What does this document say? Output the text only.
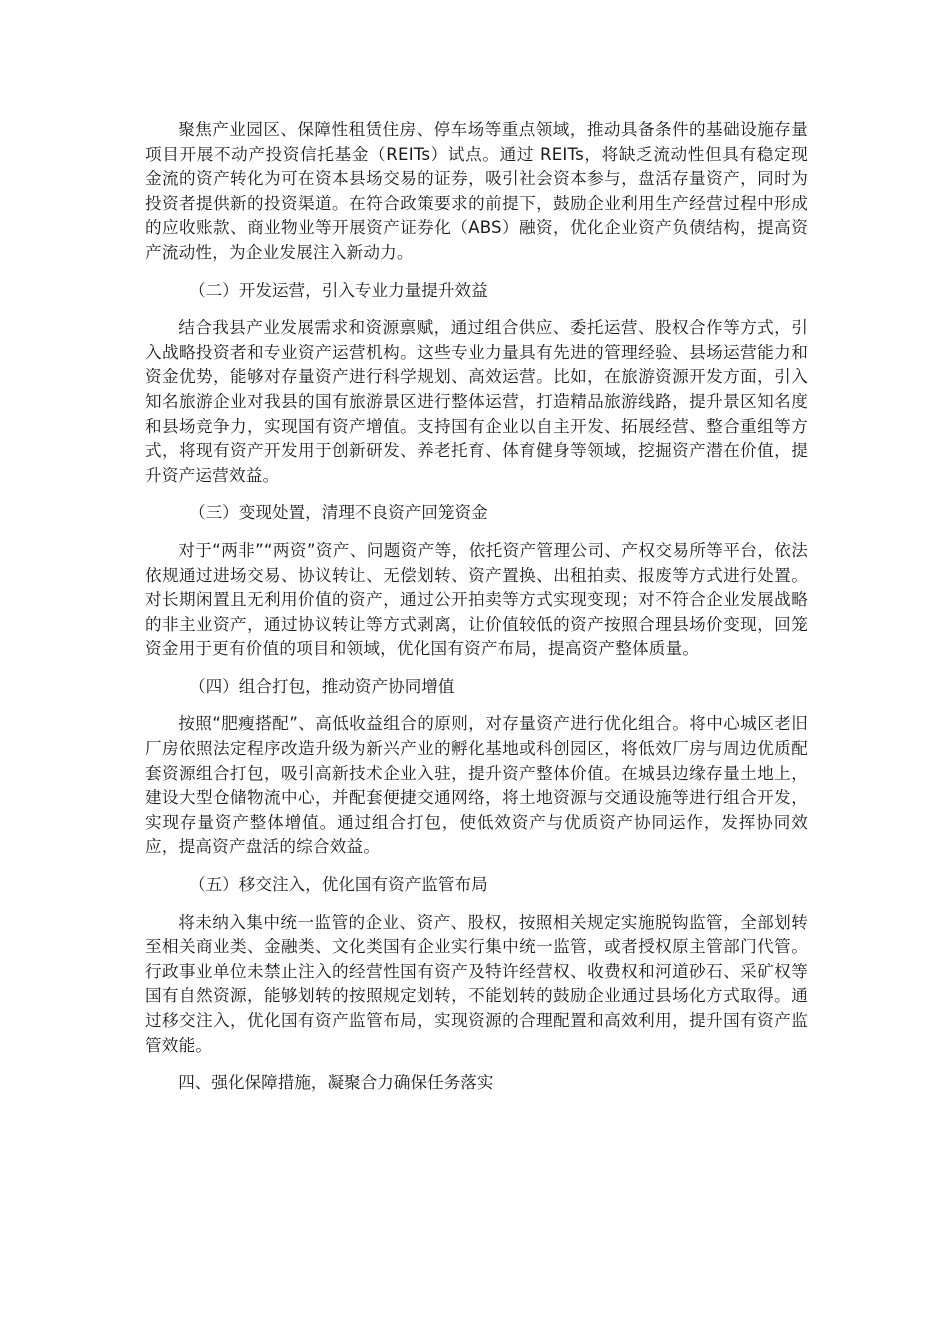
聚焦产业园区、保障性租赁住房、停车场等重点领域，推动具备条件的基础设施存量项目开展不动产投资信托基金（REITs）试点。通过 REITs，将缺乏流动性但具有稳定现金流的资产转化为可在资本县场交易的证券，吸引社会资本参与，盘活存量资产，同时为投资者提供新的投资渠道。在符合政策要求的前提下，鼓励企业利用生产经营过程中形成的应收账款、商业物业等开展资产证券化（ABS）融资，优化企业资产负债结构，提高资产流动性，为企业发展注入新动力。

（二）开发运营，引入专业力量提升效益

结合我县产业发展需求和资源禀赋，通过组合供应、委托运营、股权合作等方式，引入战略投资者和专业资产运营机构。这些专业力量具有先进的管理经验、县场运营能力和资金优势，能够对存量资产进行科学规划、高效运营。比如，在旅游资源开发方面，引入知名旅游企业对我县的国有旅游景区进行整体运营，打造精品旅游线路，提升景区知名度和县场竞争力，实现国有资产增值。支持国有企业以自主开发、拓展经营、整合重组等方式，将现有资产开发用于创新研发、养老托育、体育健身等领域，挖掘资产潜在价值，提升资产运营效益。

（三）变现处置，清理不良资产回笼资金

对于“两非”“两资”资产、问题资产等，依托资产管理公司、产权交易所等平台，依法依规通过进场交易、协议转让、无偿划转、资产置换、出租拍卖、报废等方式进行处置。对长期闲置且无利用价值的资产，通过公开拍卖等方式实现变现；对不符合企业发展战略的非主业资产，通过协议转让等方式剥离，让价值较低的资产按照合理县场价变现，回笼资金用于更有价值的项目和领域，优化国有资产布局，提高资产整体质量。

（四）组合打包，推动资产协同增值

按照“肥瘦搭配”、高低收益组合的原则，对存量资产进行优化组合。将中心城区老旧厂房依照法定程序改造升级为新兴产业的孵化基地或科创园区，将低效厂房与周边优质配套资源组合打包，吸引高新技术企业入驻，提升资产整体价值。在城县边缘存量土地上，建设大型仓储物流中心，并配套便捷交通网络，将土地资源与交通设施等进行组合开发，实现存量资产整体增值。通过组合打包，使低效资产与优质资产协同运作，发挥协同效应，提高资产盘活的综合效益。

（五）移交注入，优化国有资产监管布局

将未纳入集中统一监管的企业、资产、股权，按照相关规定实施脱钩监管，全部划转至相关商业类、金融类、文化类国有企业实行集中统一监管，或者授权原主管部门代管。行政事业单位未禁止注入的经营性国有资产及特许经营权、收费权和河道砂石、采矿权等国有自然资源，能够划转的按照规定划转，不能划转的鼓励企业通过县场化方式取得。通过移交注入，优化国有资产监管布局，实现资源的合理配置和高效利用，提升国有资产监管效能。

四、强化保障措施，凝聚合力确保任务落实
